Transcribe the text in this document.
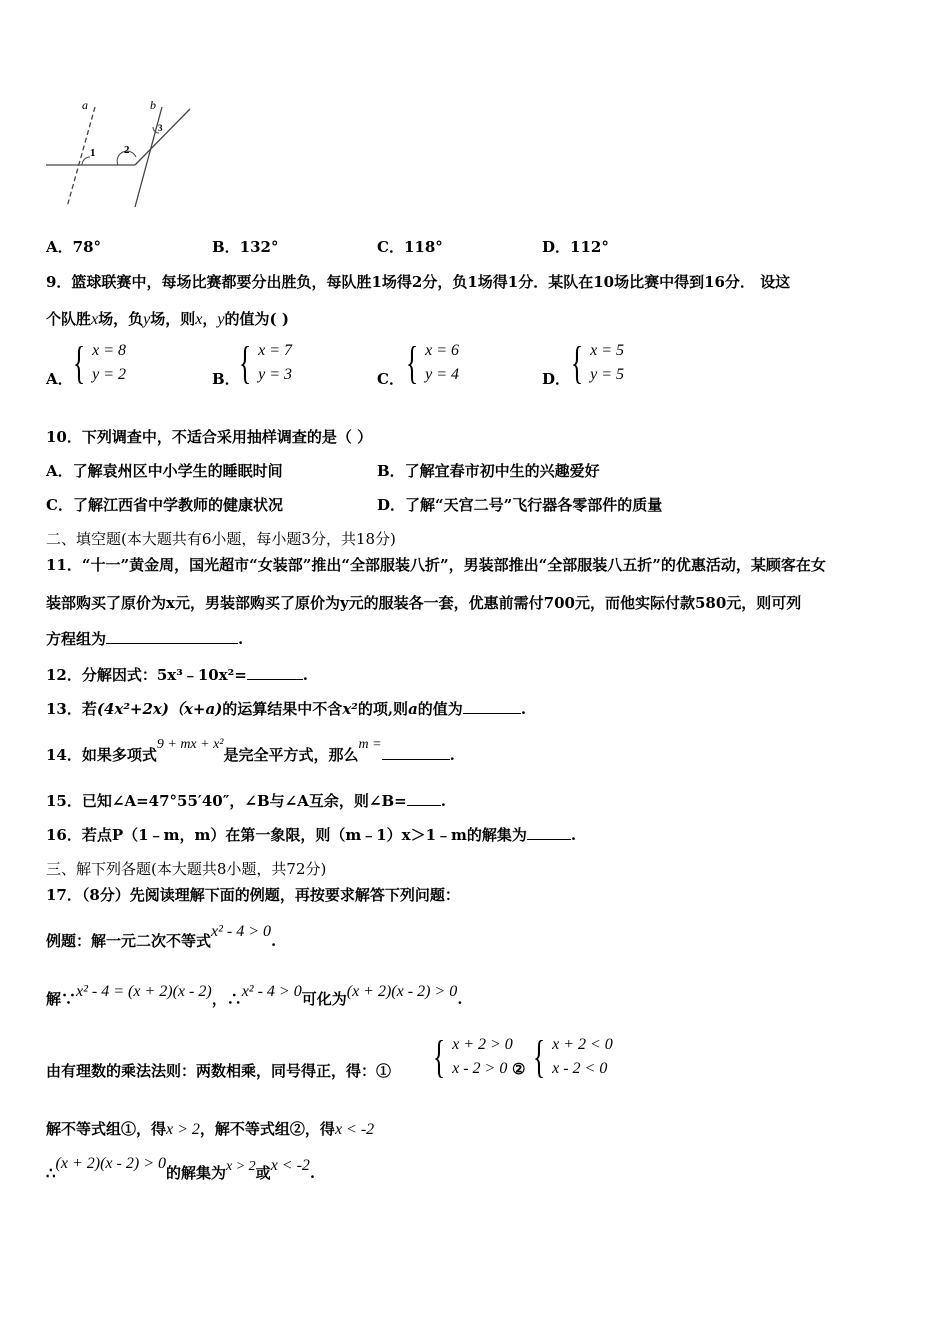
a	b
1	2
3
A．78°	B．132°	C．118°	D．112°
9．篮球联赛中，每场比赛都要分出胜负，每队胜1场得2分，负1场得1分．某队在10场比赛中得到16分． 设这
个队胜x场，负y场，则x，y的值为( )
A． { x = 8
y = 2	B． { x = 7
y = 3	C． { x = 6
y = 4	D． { x = 5
y = 5
10．下列调查中，不适合采用抽样调查的是（ ）
A．了解袁州区中小学生的睡眠时间	B．了解宜春市初中生的兴趣爱好
C．了解江西省中学教师的健康状况	D．了解“天宫二号”飞行器各零部件的质量
二、填空题(本大题共有6小题，每小题3分，共18分)
11．“十一”黄金周，国光超市“女装部”推出“全部服装八折”，男装部推出“全部服装八五折”的优惠活动，某顾客在女
装部购买了原价为x元，男装部购买了原价为y元的服装各一套，优惠前需付700元，而他实际付款580元，则可列
方程组为	.
12．分解因式：5x³﹣10x²=	.
13．若(4x²+2x)（x+a)的运算结果中不含x²的项,则a的值为	.
14．如果多项式9 + mx + x²是完全平方式，那么m =.
15．已知∠A=47°55′40″，∠B与∠A互余，则∠B= .
16．若点P（1﹣m，m）在第一象限，则（m﹣1）x＞1﹣m的解集为	.
三、解下列各题(本大题共8小题，共72分)
17．（8分）先阅读理解下面的例题，再按要求解答下列问题：
例题：解一元二次不等式x² - 4 > 0.
解∵x² - 4 = (x + 2)(x - 2)，∴x² - 4 > 0可化为(x + 2)(x - 2) > 0.
由有理数的乘法法则：两数相乘，同号得正，得：① { x + 2 > 0
x - 2 > 0 ② { x + 2 < 0
x - 2 < 0
解不等式组①，得x > 2，解不等式组②，得x < -2
∴(x + 2)(x - 2) > 0的解集为x > 2或x < -2.
